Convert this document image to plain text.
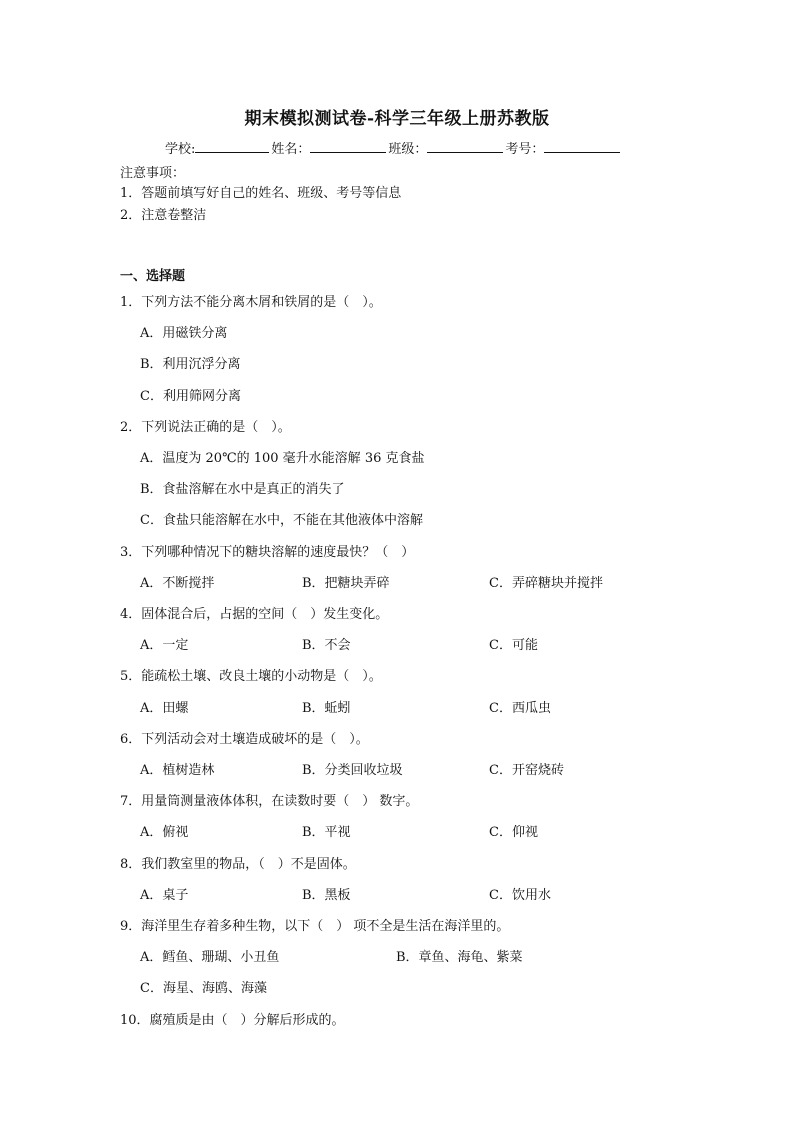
期末模拟测试卷-科学三年级上册苏教版
学校:	姓名：	班级：	考号：
注意事项：
1．答题前填写好自己的姓名、班级、考号等信息
2．注意卷整洁
一、选择题
1．下列方法不能分离木屑和铁屑的是（　）。
A．用磁铁分离
B．利用沉浮分离
C．利用筛网分离
2．下列说法正确的是（　）。
A．温度为 20℃的 100 毫升水能溶解 36 克食盐
B．食盐溶解在水中是真正的消失了
C．食盐只能溶解在水中，不能在其他液体中溶解
3．下列哪种情况下的糖块溶解的速度最快？（　）
A．不断搅拌	B．把糖块弄碎	C．弄碎糖块并搅拌
4．固体混合后，占据的空间（　）发生变化。
A．一定	B．不会	C．可能
5．能疏松土壤、改良土壤的小动物是（　）。
A．田螺	B．蚯蚓	C．西瓜虫
6．下列活动会对土壤造成破坏的是（　）。
A．植树造林	B．分类回收垃圾	C．开窑烧砖
7．用量筒测量液体体积，在读数时要（　） 数字。
A．俯视	B．平视	C．仰视
8．我们教室里的物品，（　）不是固体。
A．桌子	B．黑板	C．饮用水
9．海洋里生存着多种生物，以下（　） 项不全是生活在海洋里的。
A．鳕鱼、珊瑚、小丑鱼	B．章鱼、海龟、紫菜
C．海星、海鸥、海藻
10．腐殖质是由（　）分解后形成的。
